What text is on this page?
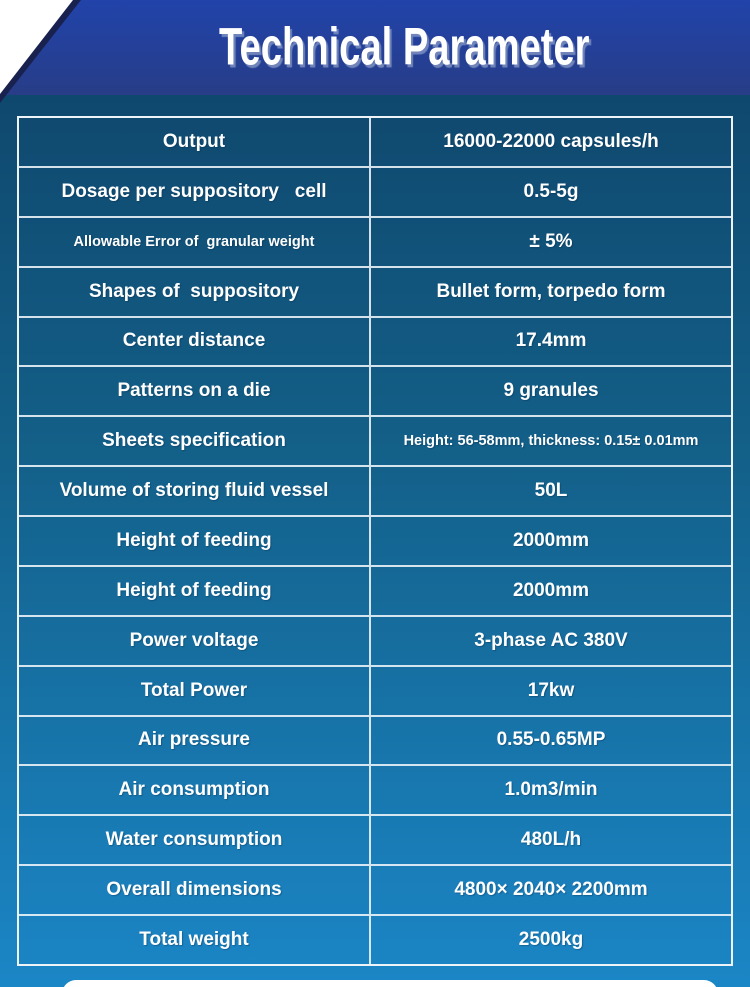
Technical Parameter
Output	16000-22000 capsules/h
Dosage per suppository   cell	0.5-5g
Allowable Error of  granular weight	± 5%
Shapes of  suppository	Bullet form, torpedo form
Center distance	17.4mm
Patterns on a die	9 granules
Sheets specification	Height: 56-58mm, thickness: 0.15± 0.01mm
Volume of storing fluid vessel	50L
Height of feeding	2000mm
Height of feeding	2000mm
Power voltage	3-phase AC 380V
Total Power	17kw
Air pressure	0.55-0.65MP
Air consumption	1.0m3/min
Water consumption	480L/h
Overall dimensions	4800× 2040× 2200mm
Total weight	2500kg
